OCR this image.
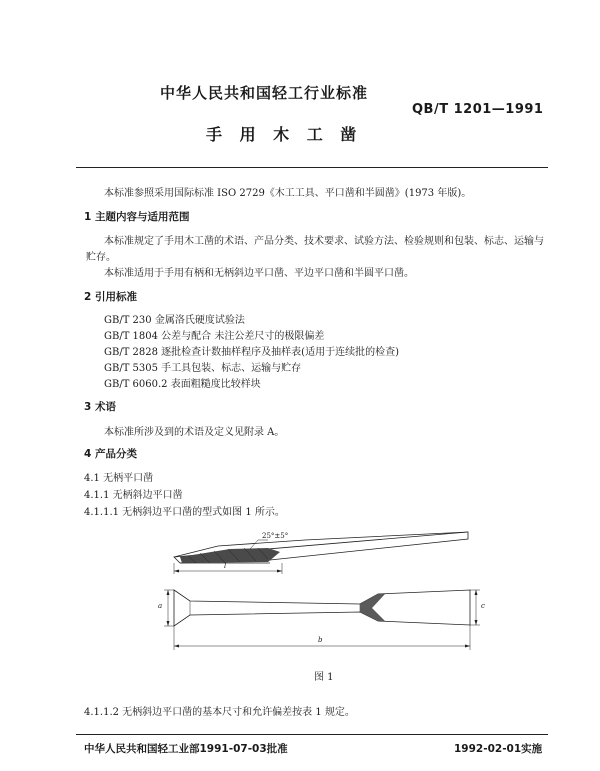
中华人民共和国轻工行业标准
QB/T 1201—1991
手 用 木 工 凿
本标准参照采用国际标准 ISO 2729《木工工具、平口凿和半圆凿》(1973 年版)。
1 主题内容与适用范围
本标准规定了手用木工凿的术语、产品分类、技术要求、试验方法、检验规则和包装、标志、运输与
贮存。
本标准适用于手用有柄和无柄斜边平口凿、平边平口凿和半圆平口凿。
2 引用标准
GB/T 230 金属洛氏硬度试验法
GB/T 1804 公差与配合 未注公差尺寸的极限偏差
GB/T 2828 逐批检查计数抽样程序及抽样表(适用于连续批的检查)
GB/T 5305 手工具包装、标志、运输与贮存
GB/T 6060.2 表面粗糙度比较样块
3 术语
本标准所涉及到的术语及定义见附录 A。
4 产品分类
4.1 无柄平口凿
4.1.1 无柄斜边平口凿
4.1.1.1 无柄斜边平口凿的型式如图 1 所示。
25°±5°
l
a	c
b
图 1
4.1.1.2 无柄斜边平口凿的基本尺寸和允许偏差按表 1 规定。
中华人民共和国轻工业部1991-07-03批准	1992-02-01实施
